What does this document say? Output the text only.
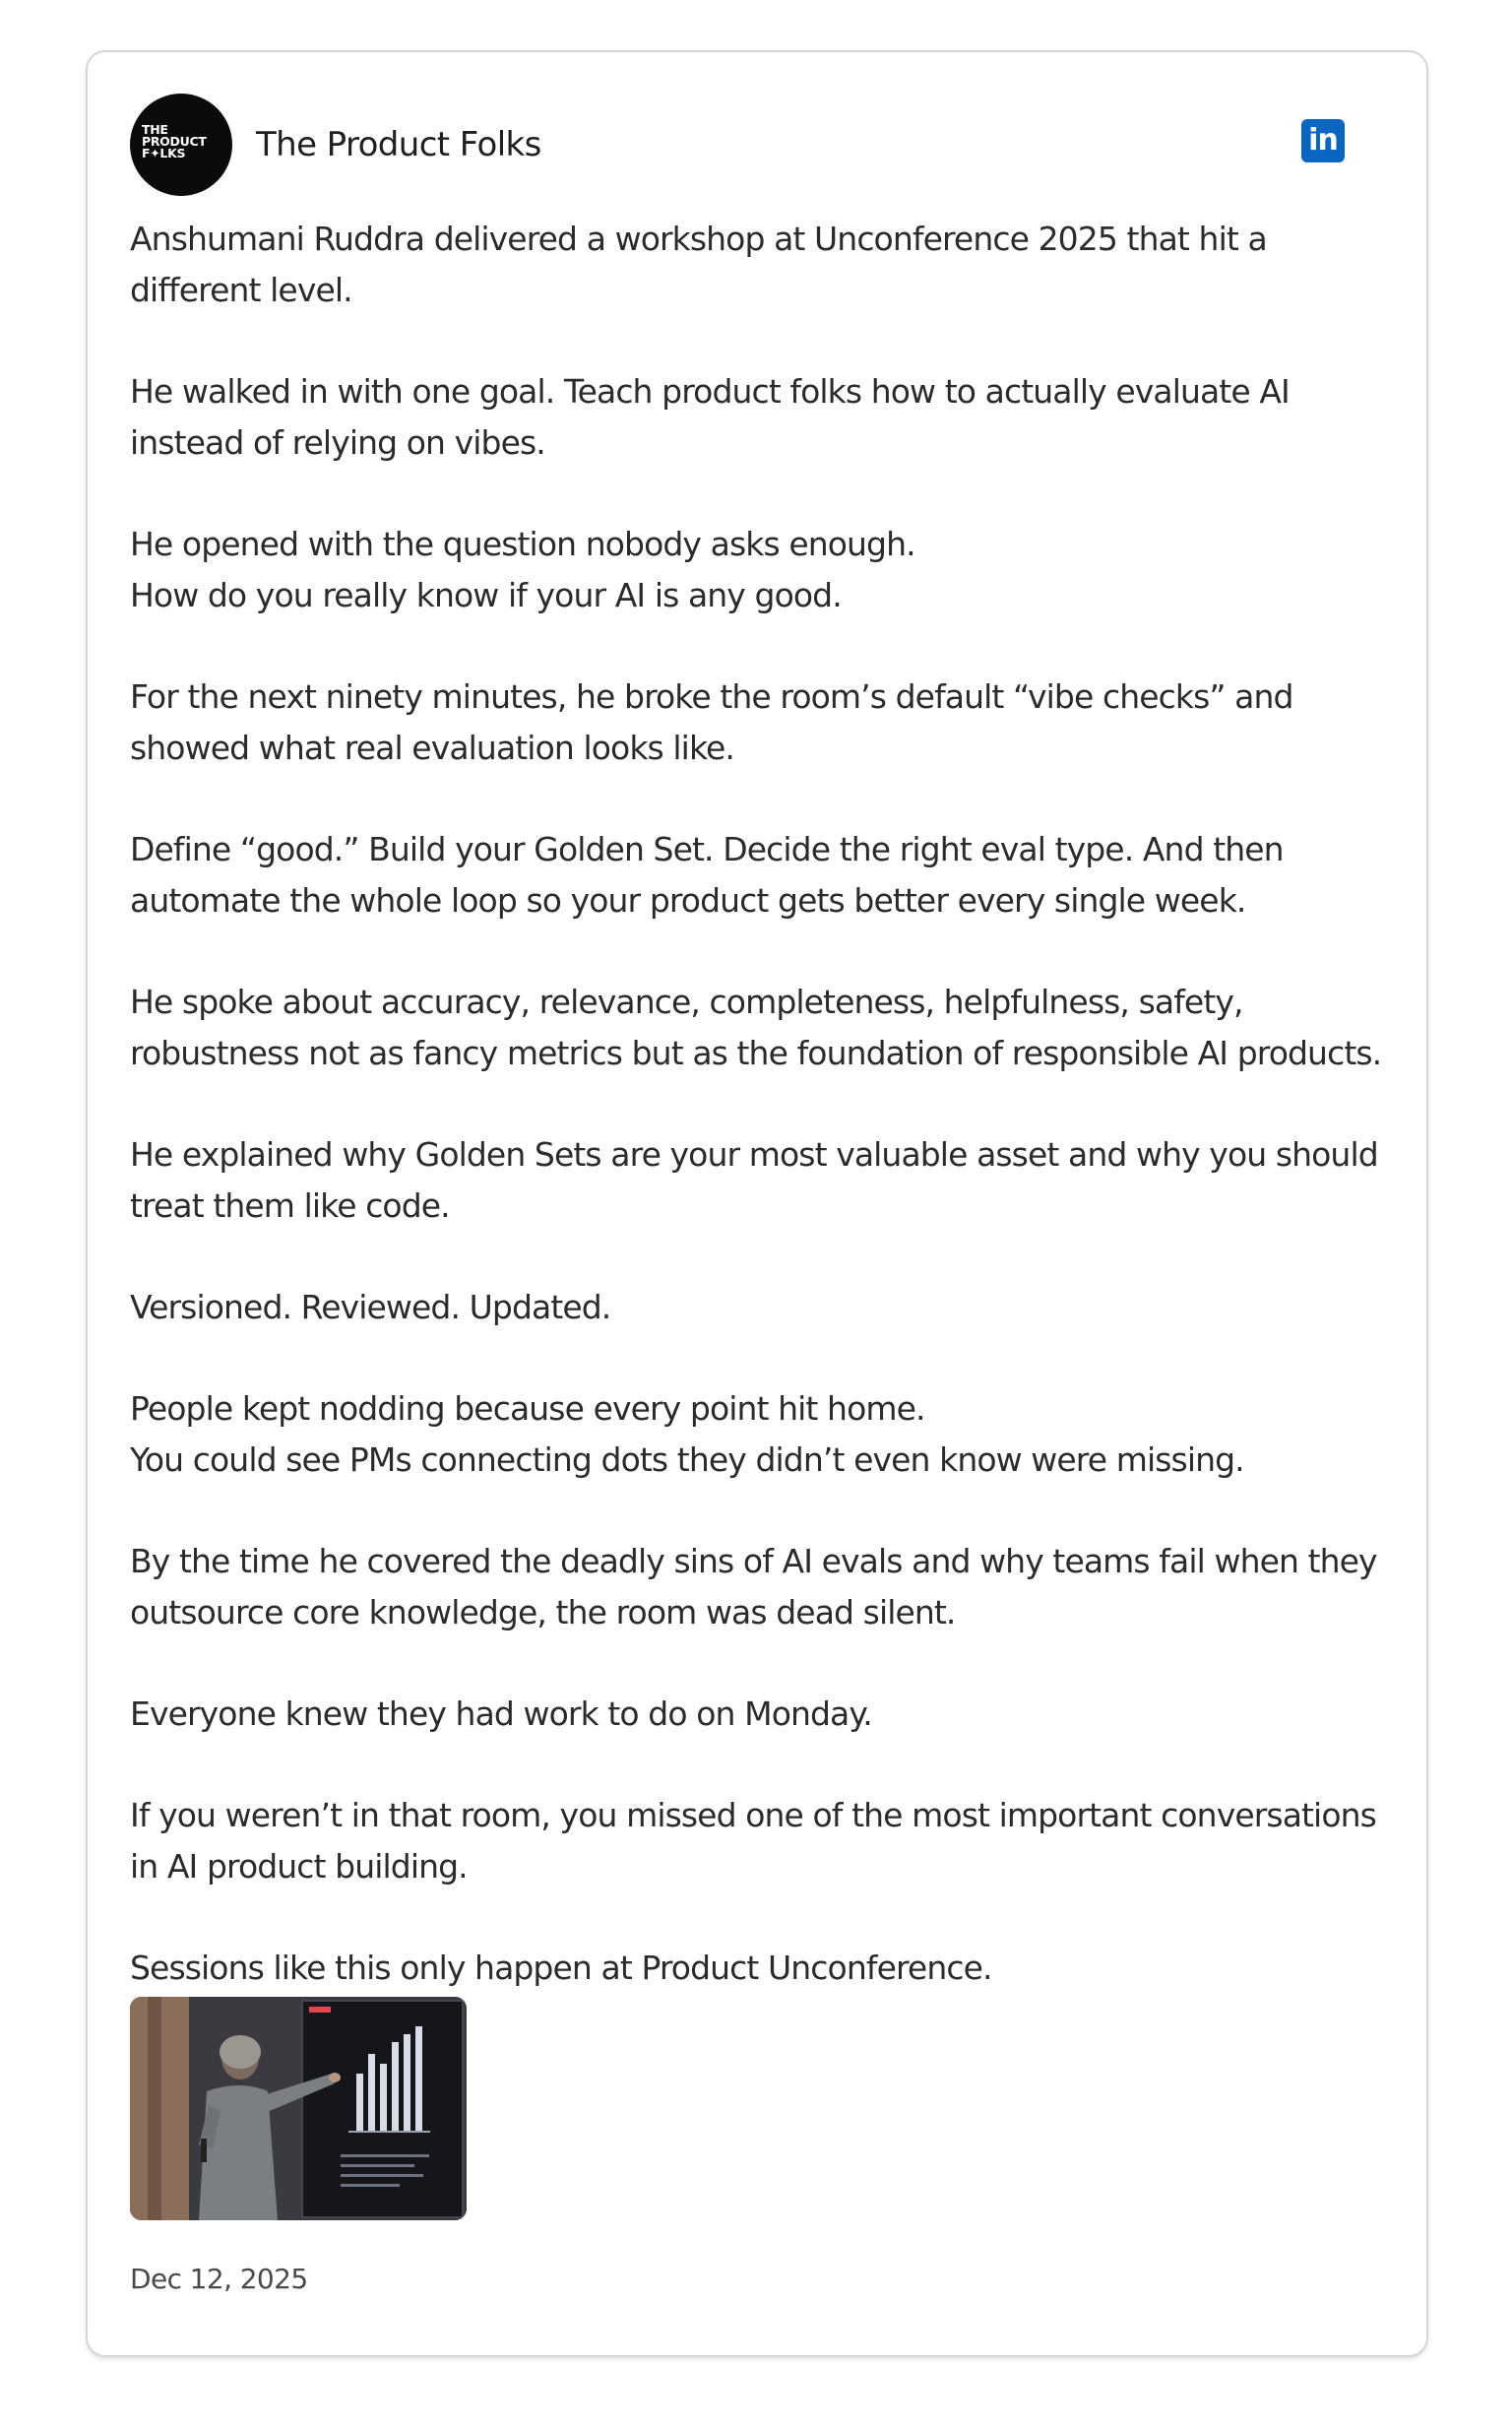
THE
PRODUCT
F✦LKS	The Product Folks	in

Anshumani Ruddra delivered a workshop at Unconference 2025 that hit a
different level.

He walked in with one goal. Teach product folks how to actually evaluate AI
instead of relying on vibes.

He opened with the question nobody asks enough.
How do you really know if your AI is any good.

For the next ninety minutes, he broke the room’s default “vibe checks” and
showed what real evaluation looks like.

Define “good.” Build your Golden Set. Decide the right eval type. And then
automate the whole loop so your product gets better every single week.

He spoke about accuracy, relevance, completeness, helpfulness, safety,
robustness not as fancy metrics but as the foundation of responsible AI products.

He explained why Golden Sets are your most valuable asset and why you should
treat them like code.

Versioned. Reviewed. Updated.

People kept nodding because every point hit home.
You could see PMs connecting dots they didn’t even know were missing.

By the time he covered the deadly sins of AI evals and why teams fail when they
outsource core knowledge, the room was dead silent.

Everyone knew they had work to do on Monday.

If you weren’t in that room, you missed one of the most important conversations
in AI product building.

Sessions like this only happen at Product Unconference.

Dec 12, 2025
